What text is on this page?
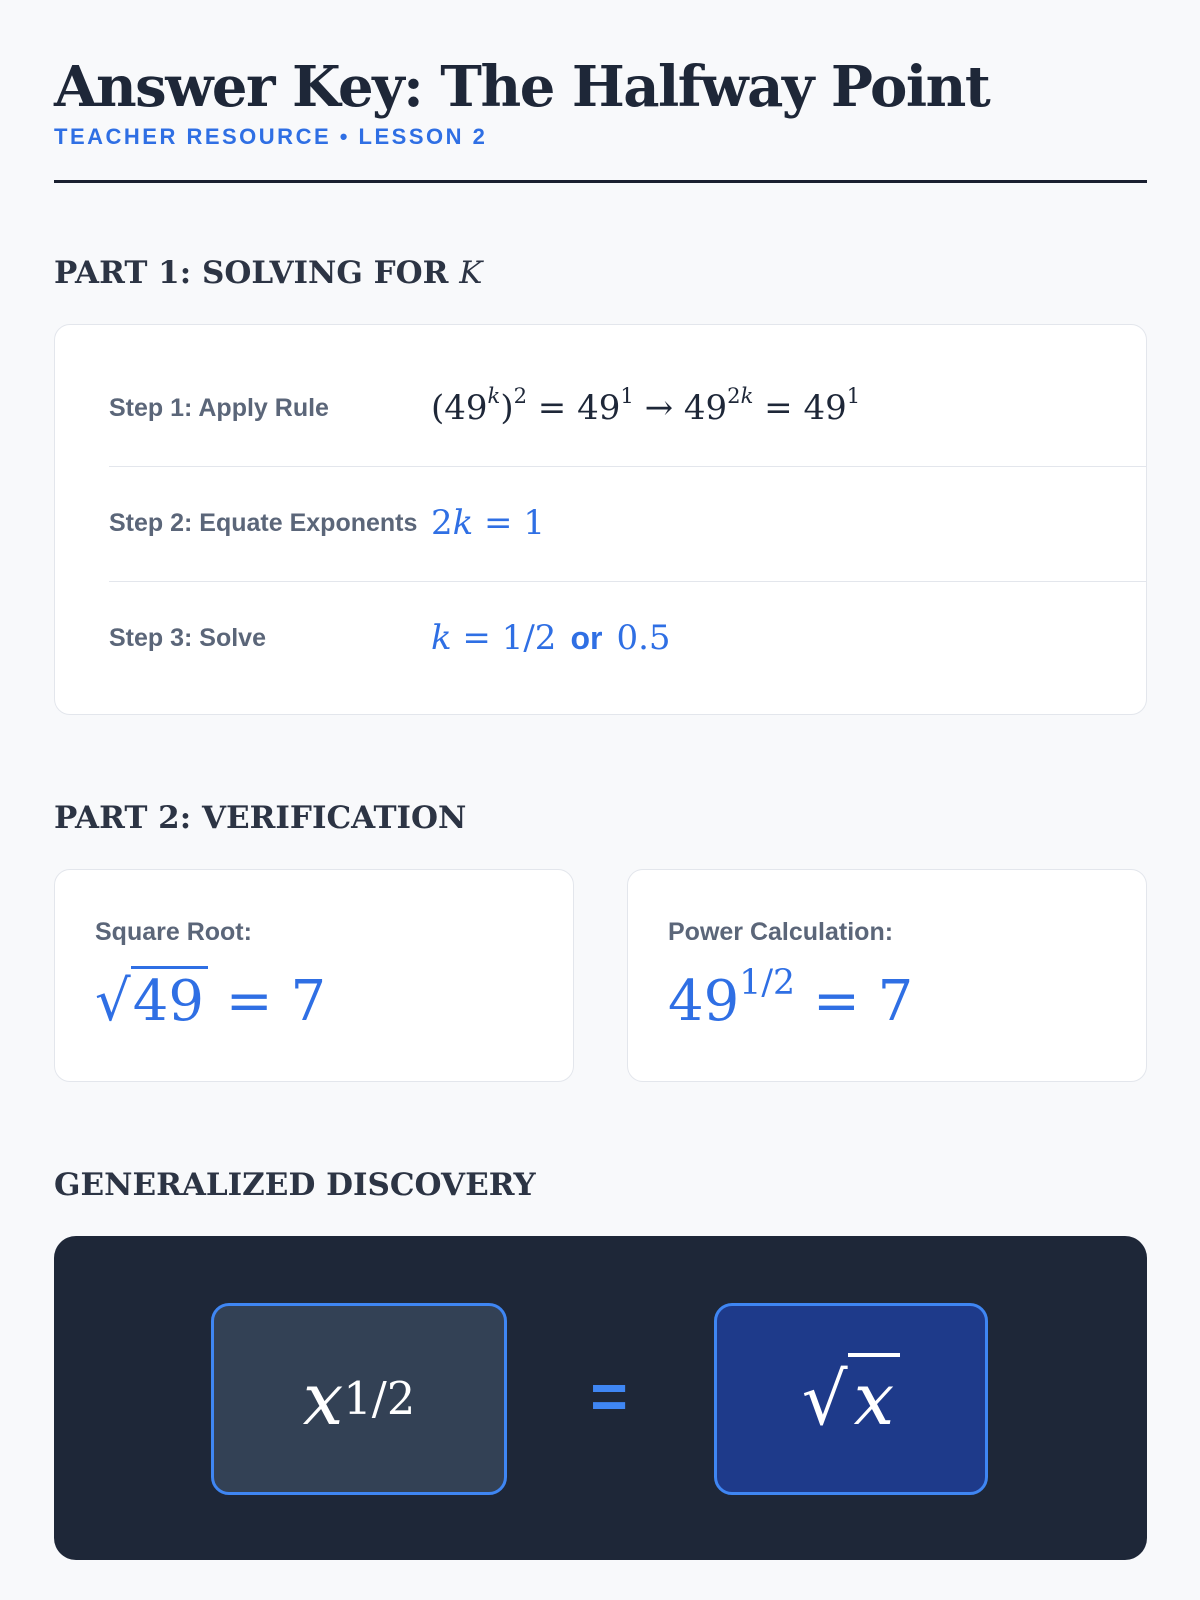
Answer Key: The Halfway Point
TEACHER RESOURCE • LESSON 2
PART 1: SOLVING FOR K
Step 1: Apply Rule	$(49^k)^2 = 49^1 \to 49^{2k} = 49^1$
Step 2: Equate Exponents 2k = 1
Step 3: Solve	k = 1/2 or 0.5
PART 2: VERIFICATION
Square Root:
√49 = 7
Power Calculation:
$49^{1/2} = 7$
GENERALIZED DISCOVERY
x 1/2	= √x
